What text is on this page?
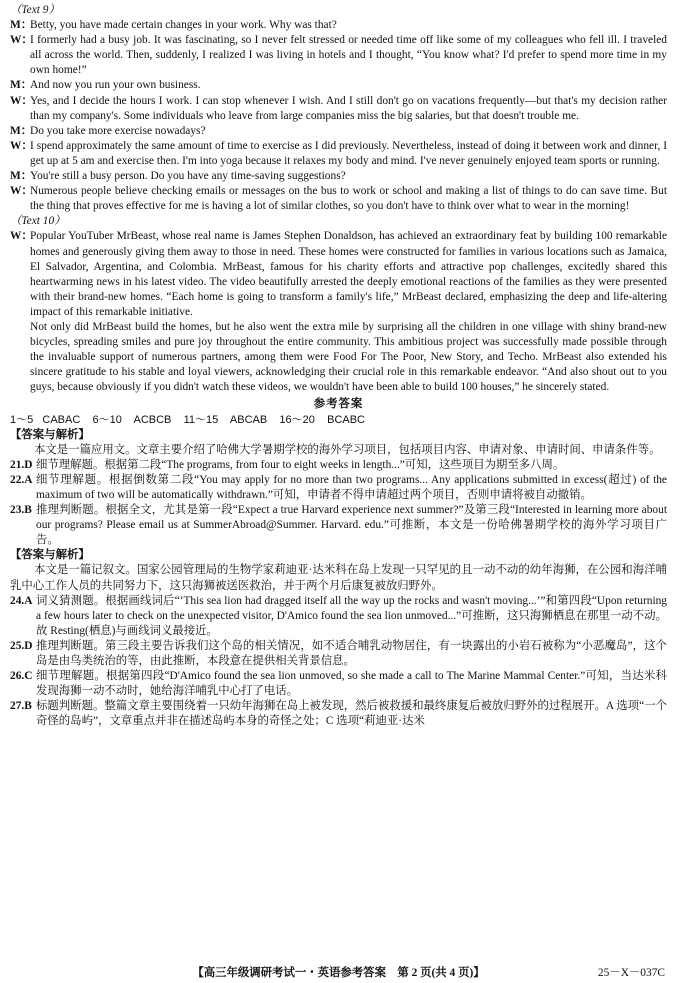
（Text 9）

M：
Betty, you have made certain changes in your work. Why was that?
W：
I formerly had a busy job. It was fascinating, so I never felt stressed or needed time off like some of my colleagues who fell ill. I traveled all across the world. Then, suddenly, I realized I was living in hotels and I thought, “You know what? I'd prefer to spend more time in my own home!”
M：
And now you run your own business.
W：
Yes, and I decide the hours I work. I can stop whenever I wish. And I still don't go on vacations frequently—but that's my decision rather than my company's. Some individuals who leave from large companies miss the big salaries, but that doesn't trouble me.
M：
Do you take more exercise nowadays?
W：
I spend approximately the same amount of time to exercise as I did previously. Nevertheless, instead of doing it between work and dinner, I get up at 5 am and exercise then. I'm into yoga because it relaxes my body and mind. I've never genuinely enjoyed team sports or running.
M：
You're still a busy person. Do you have any time-saving suggestions?
W：
Numerous people believe checking emails or messages on the bus to work or school and making a list of things to do can save time. But the thing that proves effective for me is having a lot of similar clothes, so you don't have to think over what to wear in the morning!

（Text 10）

W：
Popular YouTuber MrBeast, whose real name is James Stephen Donaldson, has achieved an extraordinary feat by building 100 remarkable homes and generously giving them away to those in need. These homes were constructed for families in various locations such as Jamaica, El Salvador, Argentina, and Colombia. MrBeast, famous for his charity efforts and attractive pop challenges, excitedly shared this heartwarming news in his latest video. The video beautifully arrested the deeply emotional reactions of the families as they were presented with their brand-new homes. “Each home is going to transform a family's life,” MrBeast declared, emphasizing the deep and life-altering impact of this remarkable initiative.

Not only did MrBeast build the homes, but he also went the extra mile by surprising all the children in one village with shiny brand-new bicycles, spreading smiles and pure joy throughout the entire community. This ambitious project was successfully made possible through the invaluable support of numerous partners, among them were Food For The Poor, New Story, and Techo. MrBeast also extended his sincere gratitude to his stable and loyal viewers, acknowledging their crucial role in this remarkable endeavor. “And also shout out to you guys, because obviously if you didn't watch these videos, we wouldn't have been able to build 100 houses,” he sincerely stated.

参考答案

1～5   CABAC    6～10    ACBCB    11～15    ABCAB    16～20    BCABC

【答案与解析】

本文是一篇应用文。文章主要介绍了哈佛大学暑期学校的海外学习项目，包括项目内容、申请对象、申请时间、申请条件等。

21.D 细节理解题。根据第二段“The programs, from four to eight weeks in length...”可知，这些项目为期至多八周。
22.A 细节理解题。根据倒数第二段“You may apply for no more than two programs... Any applications submitted in excess(超过) of the maximum of two will be automatically withdrawn.”可知，申请者不得申请超过两个项目，否则申请将被自动撤销。
23.B 推理判断题。根据全文，尤其是第一段“Expect a true Harvard experience next summer?”及第三段“Interested in learning more about our programs? Please email us at SummerAbroad@Summer. Harvard. edu.”可推断，本文是一份哈佛暑期学校的海外学习项目广告。

【答案与解析】

本文是一篇记叙文。国家公园管理局的生物学家莉迪亚·达米科在岛上发现一只罕见的且一动不动的幼年海狮，在公园和海洋哺乳中心工作人员的共同努力下，这只海狮被送医救治，并于两个月后康复被放归野外。

24.A 词义猜测题。根据画线词后“‘This sea lion had dragged itself all the way up the rocks and wasn't moving...’”和第四段“Upon returning a few hours later to check on the unexpected visitor, D'Amico found the sea lion unmoved...”可推断，这只海狮栖息在那里一动不动。故 Resting(栖息)与画线词义最接近。
25.D 推理判断题。第三段主要告诉我们这个岛的相关情况，如不适合哺乳动物居住，有一块露出的小岩石被称为“小恶魔岛”，这个岛是由鸟类统治的等，由此推断，本段意在提供相关背景信息。
26.C 细节理解题。根据第四段“D'Amico found the sea lion unmoved, so she made a call to The Marine Mammal Center.”可知，当达米科发现海狮一动不动时，她给海洋哺乳中心打了电话。
27.B 标题判断题。整篇文章主要围绕着一只幼年海狮在岛上被发现，然后被救援和最终康复后被放归野外的过程展开。A 选项“一个奇怪的岛屿”，文章重点并非在描述岛屿本身的奇怪之处；C 选项“莉迪亚·达米
【高三年级调研考试一・英语参考答案　第 2 页(共 4 页)】	25－X－037C
